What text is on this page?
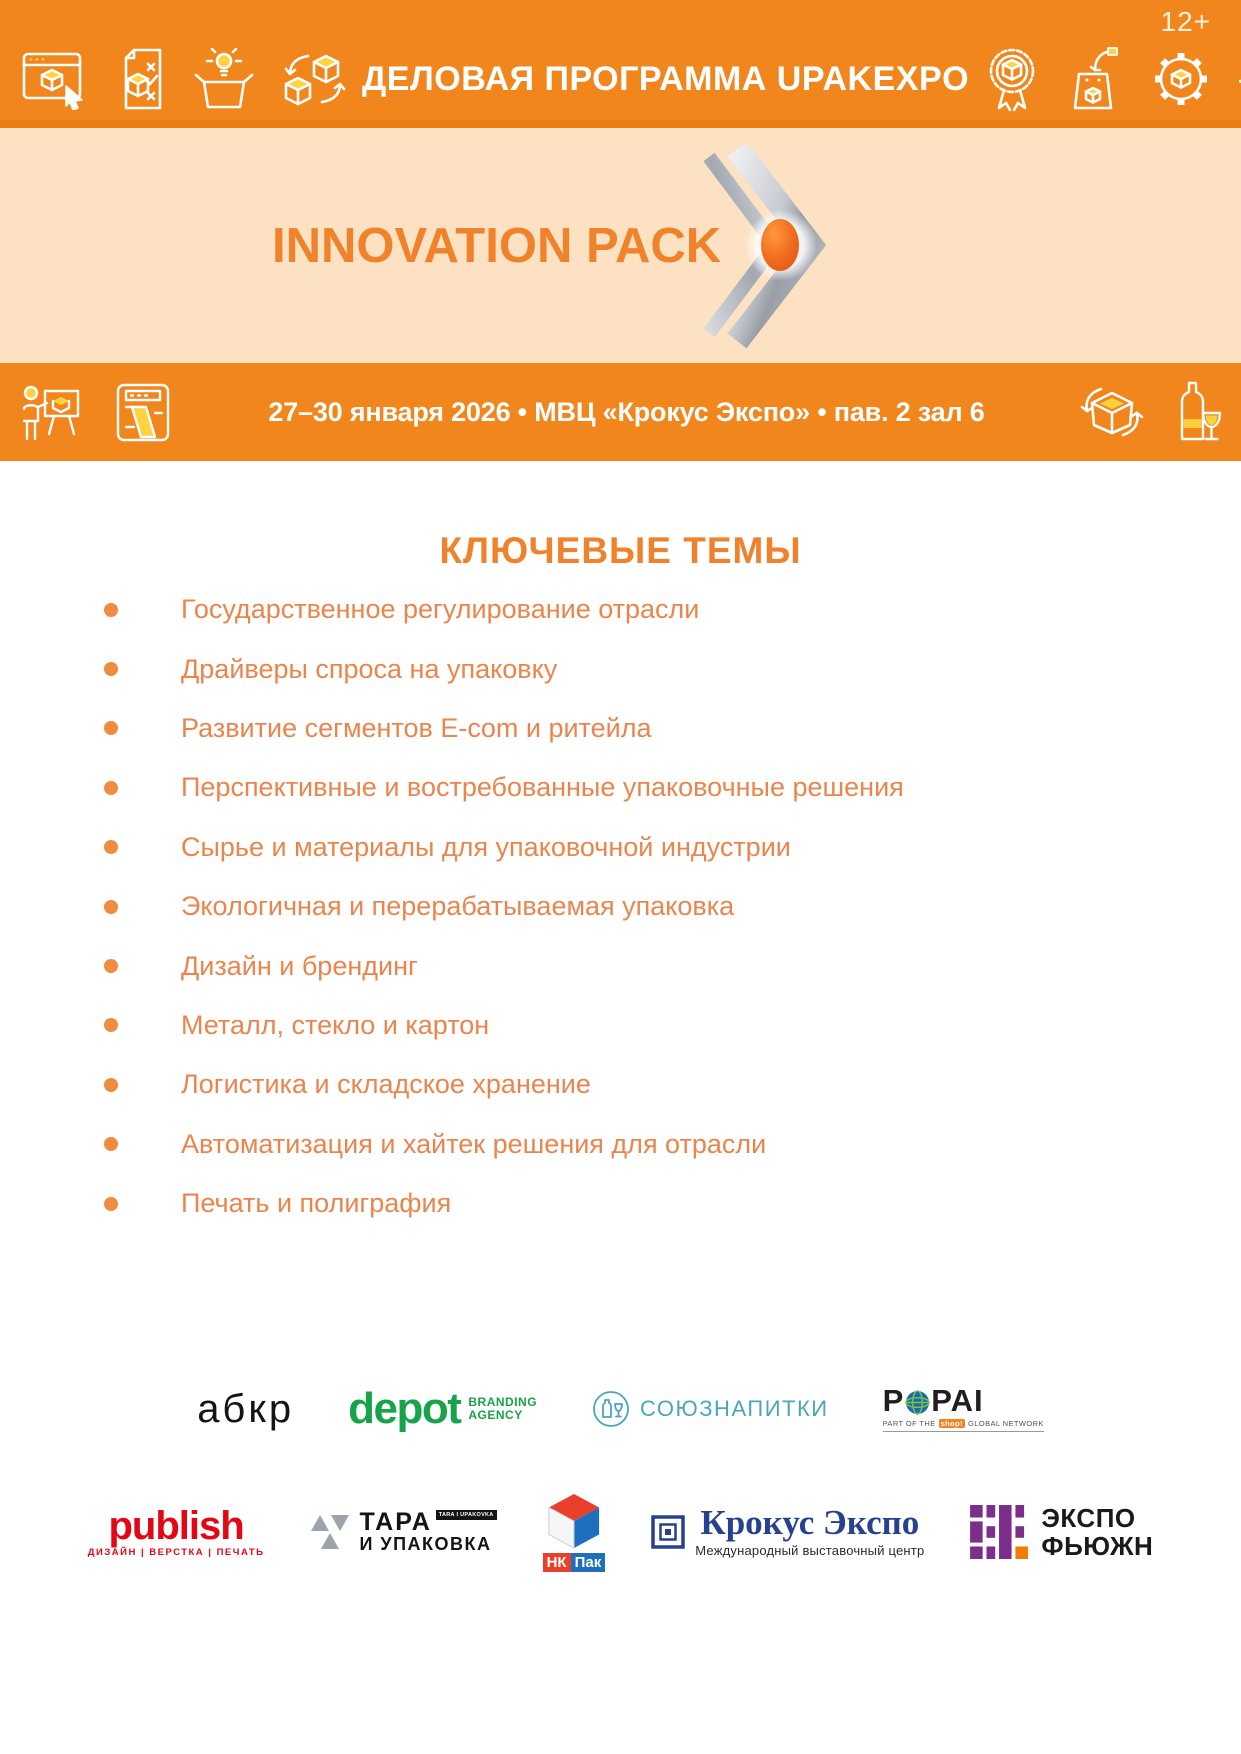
12+
ДЕЛОВАЯ ПРОГРАММА UPAKEXPO
INNOVATION PACK
27–30 января 2026 • МВЦ «Крокус Экспо» • пав. 2 зал 6
КЛЮЧЕВЫЕ ТЕМЫ
Государственное регулирование отрасли
Драйверы спроса на упаковку
Развитие сегментов E-com и ритейла
Перспективные и востребованные упаковочные решения
Сырье и материалы для упаковочной индустрии
Экологичная и перерабатываемая упаковка
Дизайн и брендинг
Металл, стекло и картон
Логистика и складское хранение
Автоматизация и хайтек решения для отрасли
Печать и полиграфия
абкр depot BRANDING
AGENCY	СОЮЗНАПИТКИ P PAI
PART OF THE shop! GLOBAL NETWORK
publish
ДИЗАЙН | ВЕРСТКА | ПЕЧАТЬ
ТАРА	TARA I UPAKOVKA
И УПАКОВКА
НК Пак
Крокус Экспо
Международный выставочный центр
ЭКСПО
ФЬЮЖН
